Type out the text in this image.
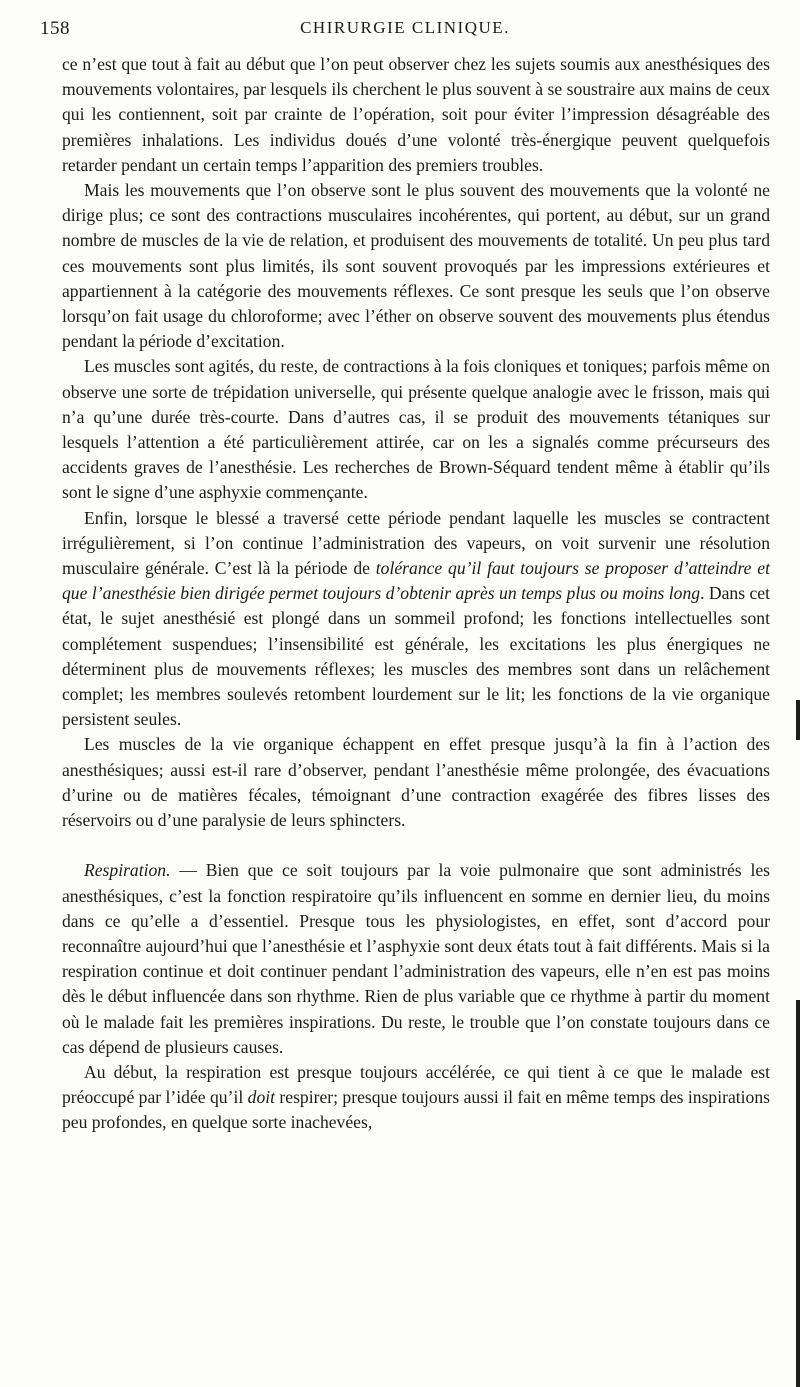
158	CHIRURGIE CLINIQUE.

ce n’est que tout à fait au début que l’on peut observer chez les sujets soumis aux anesthésiques des mouvements volontaires, par lesquels ils cherchent le plus souvent à se soustraire aux mains de ceux qui les contiennent, soit par crainte de l’opération, soit pour éviter l’impression désagréable des premières inhalations. Les individus doués d’une volonté très-énergique peuvent quelquefois retarder pendant un certain temps l’apparition des premiers troubles.

Mais les mouvements que l’on observe sont le plus souvent des mouvements que la volonté ne dirige plus; ce sont des contractions musculaires incohérentes, qui portent, au début, sur un grand nombre de muscles de la vie de relation, et produisent des mouvements de totalité. Un peu plus tard ces mouvements sont plus limités, ils sont souvent provoqués par les impressions extérieures et appartiennent à la catégorie des mouvements réflexes. Ce sont presque les seuls que l’on observe lorsqu’on fait usage du chloroforme; avec l’éther on observe souvent des mouvements plus étendus pendant la période d’excitation.

Les muscles sont agités, du reste, de contractions à la fois cloniques et toniques; parfois même on observe une sorte de trépidation universelle, qui présente quelque analogie avec le frisson, mais qui n’a qu’une durée très-courte. Dans d’autres cas, il se produit des mouvements tétaniques sur lesquels l’attention a été particulièrement attirée, car on les a signalés comme précurseurs des accidents graves de l’anesthésie. Les recherches de Brown-Séquard tendent même à établir qu’ils sont le signe d’une asphyxie commençante.

Enfin, lorsque le blessé a traversé cette période pendant laquelle les muscles se contractent irrégulièrement, si l’on continue l’administration des vapeurs, on voit survenir une résolution musculaire générale. C’est là la période de tolérance qu’il faut toujours se proposer d’atteindre et que l’anesthésie bien dirigée permet toujours d’obtenir après un temps plus ou moins long. Dans cet état, le sujet anesthésié est plongé dans un sommeil profond; les fonctions intellectuelles sont complétement suspendues; l’insensibilité est générale, les excitations les plus énergiques ne déterminent plus de mouvements réflexes; les muscles des membres sont dans un relâchement complet; les membres soulevés retombent lourdement sur le lit; les fonctions de la vie organique persistent seules.

Les muscles de la vie organique échappent en effet presque jusqu’à la fin à l’action des anesthésiques; aussi est-il rare d’observer, pendant l’anesthésie même prolongée, des évacuations d’urine ou de matières fécales, témoignant d’une contraction exagérée des fibres lisses des réservoirs ou d’une paralysie de leurs sphincters.

Respiration. — Bien que ce soit toujours par la voie pulmonaire que sont administrés les anesthésiques, c’est la fonction respiratoire qu’ils influencent en somme en dernier lieu, du moins dans ce qu’elle a d’essentiel. Presque tous les physiologistes, en effet, sont d’accord pour reconnaître aujourd’hui que l’anesthésie et l’asphyxie sont deux états tout à fait différents. Mais si la respiration continue et doit continuer pendant l’administration des vapeurs, elle n’en est pas moins dès le début influencée dans son rhythme. Rien de plus variable que ce rhythme à partir du moment où le malade fait les premières inspirations. Du reste, le trouble que l’on constate toujours dans ce cas dépend de plusieurs causes.

Au début, la respiration est presque toujours accélérée, ce qui tient à ce que le malade est préoccupé par l’idée qu’il doit respirer; presque toujours aussi il fait en même temps des inspirations peu profondes, en quelque sorte inachevées,
